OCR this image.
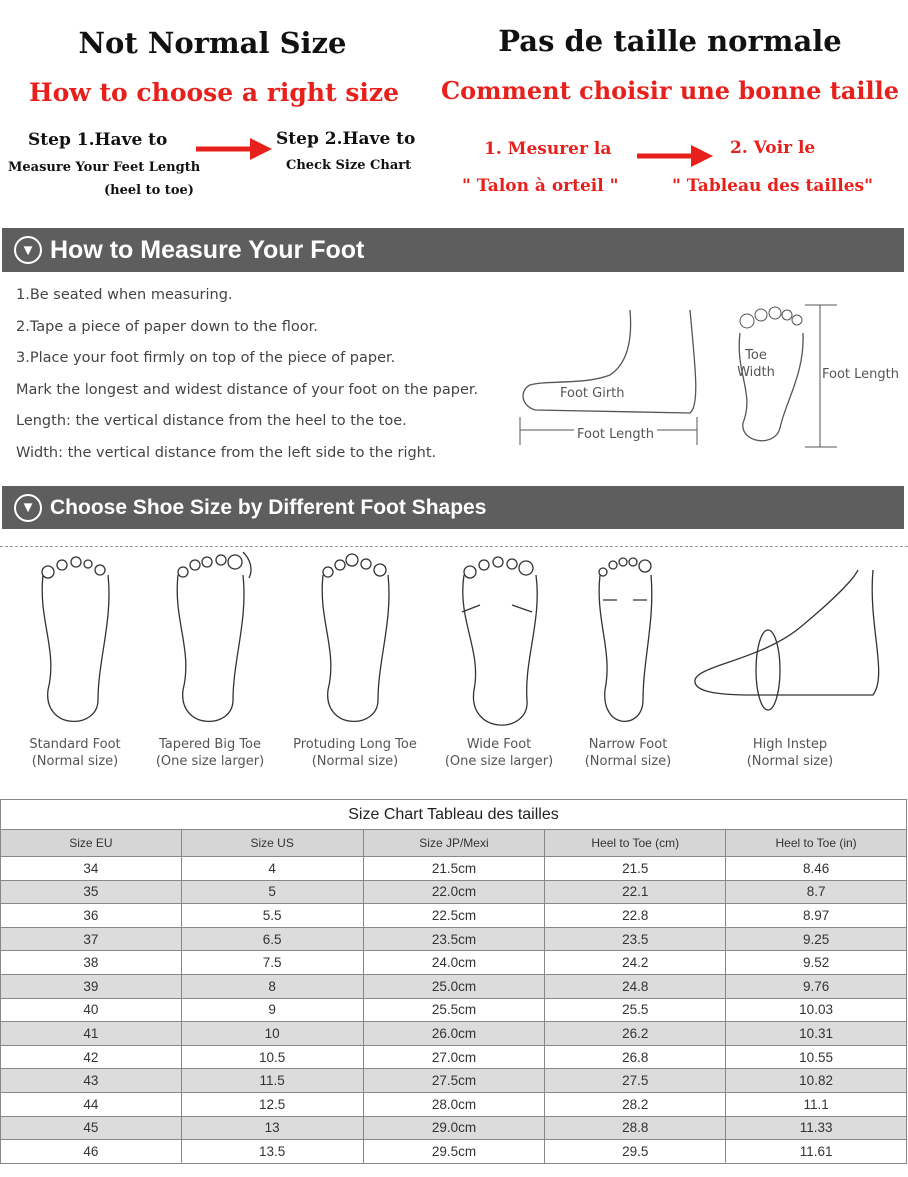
Not Normal Size	Pas de taille normale
How to choose a right size	Comment choisir une bonne taille
Step 1.Have to
Measure Your Feet Length
(heel to toe)
Step 2.Have to
Check Size Chart
1. Mesurer la
" Talon à orteil "
2. Voir le
" Tableau des tailles"
▼ How to Measure Your Foot
1.Be seated when measuring.
2.Tape a piece of paper down to the floor.
3.Place your foot firmly on top of the piece of paper.
Mark the longest and widest distance of your foot on the paper.
Length: the vertical distance from the heel to the toe.
Width: the vertical distance from the left side to the right.
Foot Girth
Foot Length
Toe Width	Foot Length
▼ Choose Shoe Size by Different Foot Shapes
Standard Foot
(Normal size)
Tapered Big Toe
(One size larger)
Protuding Long Toe
(Normal size)
Wide Foot
(One size larger)
Narrow Foot
(Normal size)
High Instep
(Normal size)
Size Chart Tableau des tailles
Size EU	Size US	Size JP/Mexi	Heel to Toe (cm)	Heel to Toe (in)
34	4	21.5cm	21.5	8.46
35	5	22.0cm	22.1	8.7
36	5.5	22.5cm	22.8	8.97
37	6.5	23.5cm	23.5	9.25
38	7.5	24.0cm	24.2	9.52
39	8	25.0cm	24.8	9.76
40	9	25.5cm	25.5	10.03
41	10	26.0cm	26.2	10.31
42	10.5	27.0cm	26.8	10.55
43	11.5	27.5cm	27.5	10.82
44	12.5	28.0cm	28.2	11.1
45	13	29.0cm	28.8	11.33
46	13.5	29.5cm	29.5	11.61
